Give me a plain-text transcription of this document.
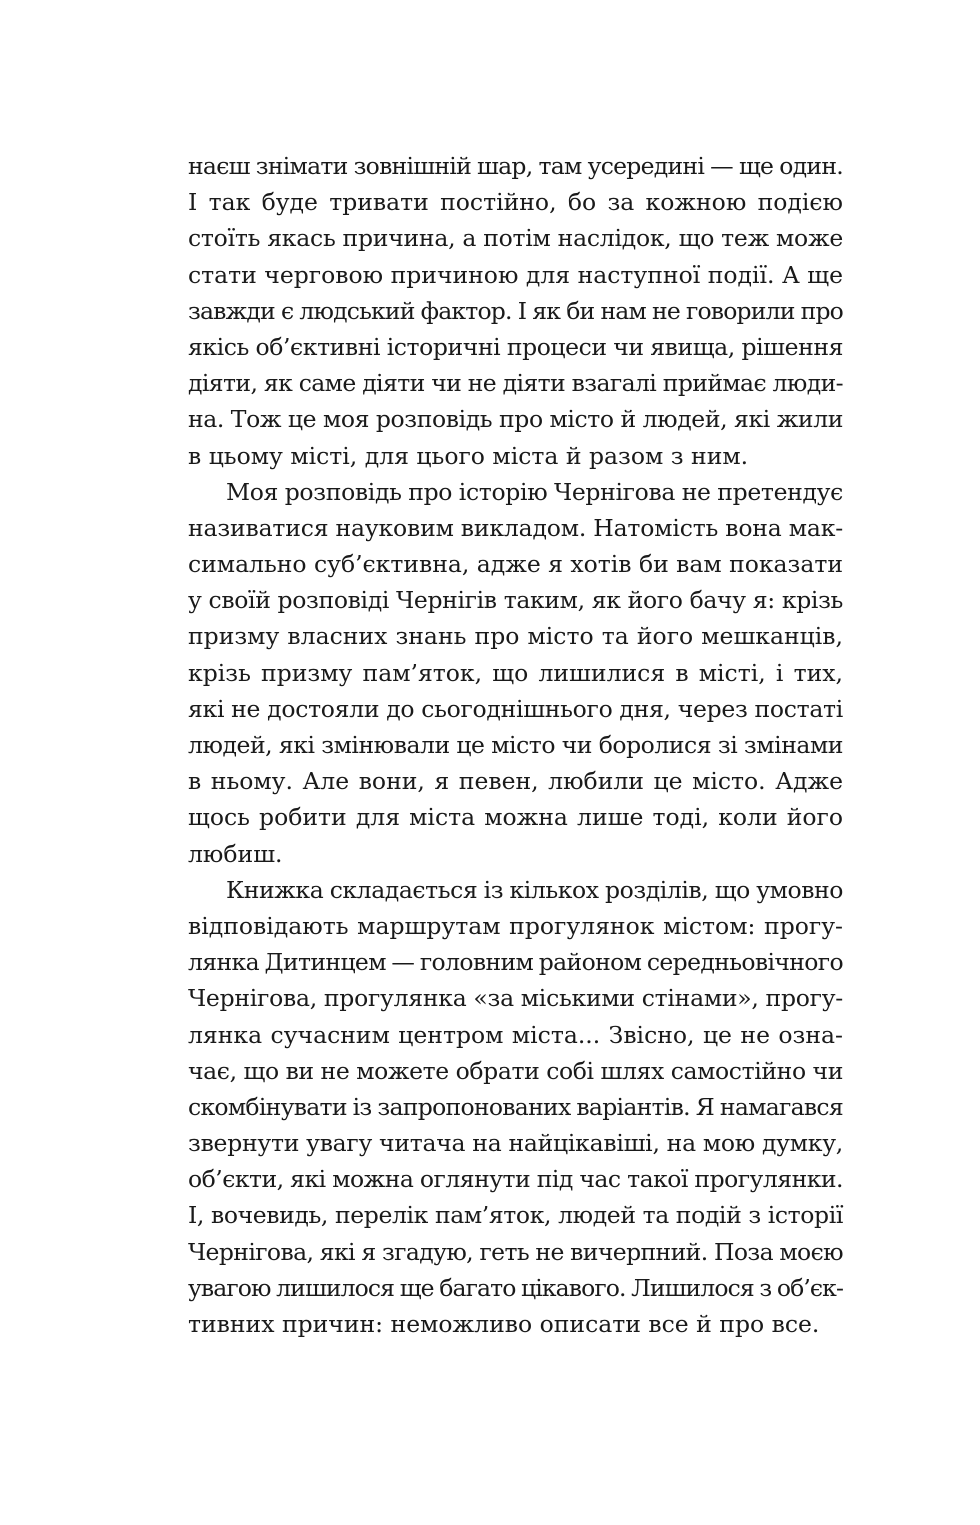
наєш знімати зовнішній шар, там усередині — ще один.
І так буде тривати постійно, бо за кожною подією
стоїть якась причина, а потім наслідок, що теж може
стати черговою причиною для наступної події. А ще
завжди є людський фактор. І як би нам не говорили про
якісь об’єктивні історичні процеси чи явища, рішення
діяти, як саме діяти чи не діяти взагалі приймає люди-
на. Тож це моя розповідь про місто й людей, які жили
в цьому місті, для цього міста й разом з ним.
Моя розповідь про історію Чернігова не претендує
називатися науковим викладом. Натомість вона мак-
симально суб’єктивна, адже я хотів би вам показати
у своїй розповіді Чернігів таким, як його бачу я: крізь
призму власних знань про місто та його мешканців,
крізь призму пам’яток, що лишилися в місті, і тих,
які не достояли до сьогоднішнього дня, через постаті
людей, які змінювали це місто чи боролися зі змінами
в ньому. Але вони, я певен, любили це місто. Адже
щось робити для міста можна лише тоді, коли його
любиш.
Книжка складається із кількох розділів, що умовно
відповідають маршрутам прогулянок містом: прогу-
лянка Дитинцем — головним районом середньовічного
Чернігова, прогулянка «за міськими стінами», прогу-
лянка сучасним центром міста... Звісно, це не озна-
чає, що ви не можете обрати собі шлях самостійно чи
скомбінувати із запропонованих варіантів. Я намагався
звернути увагу читача на найцікавіші, на мою думку,
об’єкти, які можна оглянути під час такої прогулянки.
І, вочевидь, перелік пам’яток, людей та подій з історії
Чернігова, які я згадую, геть не вичерпний. Поза моєю
увагою лишилося ще багато цікавого. Лишилося з об’єк-
тивних причин: неможливо описати все й про все.
